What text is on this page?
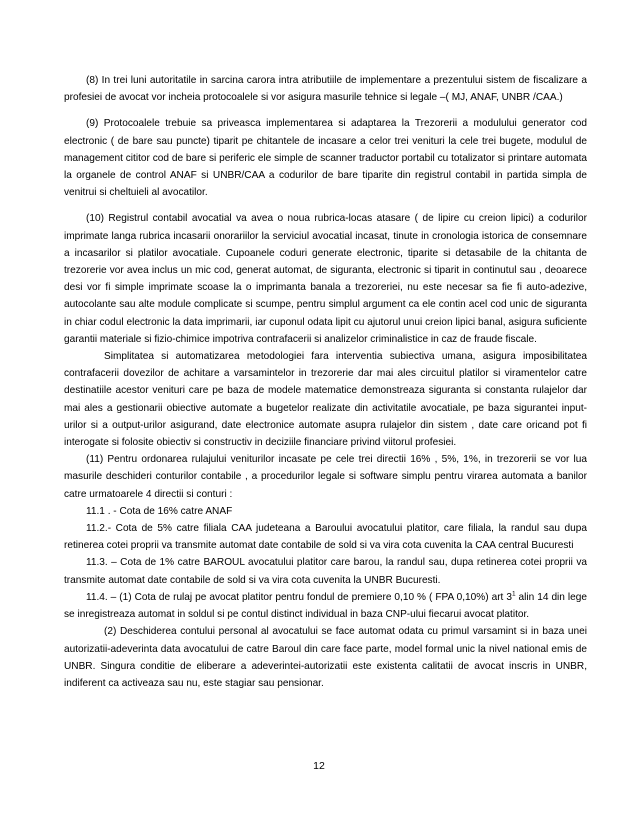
(8) In trei luni autoritatile in sarcina carora intra atributiile de implementare a prezentului sistem de fiscalizare a profesiei de avocat vor incheia protocoalele si vor asigura masurile tehnice si legale –( MJ, ANAF, UNBR /CAA.)

(9) Protocoalele trebuie sa priveasca implementarea si adaptarea la Trezorerii a modulului generator cod electronic ( de bare sau puncte) tiparit pe chitantele de incasare a celor trei venituri la cele trei bugete, modulul de management cititor cod de bare si periferic ele simple de scanner traductor portabil cu totalizator si printare automata la organele de control ANAF si UNBR/CAA a codurilor de bare tiparite din registrul contabil in partida simpla de venitrui si cheltuieli al avocatilor.

(10) Registrul contabil avocatial va avea o noua rubrica-locas atasare ( de lipire cu creion lipici) a codurilor imprimate langa rubrica incasarii onorariilor la serviciul avocatial incasat, tinute in cronologia istorica de consemnare a incasarilor si platilor avocatiale. Cupoanele coduri generate electronic, tiparite si detasabile de la chitanta de trezorerie vor avea inclus un mic cod, generat automat, de siguranta, electronic si tiparit in continutul sau , deoarece desi vor fi simple imprimate scoase la o imprimanta banala a trezoreriei, nu este necesar sa fie fi auto-adezive, autocolante sau alte module complicate si scumpe, pentru simplul argument ca ele contin acel cod unic de siguranta in chiar codul electronic la data imprimarii, iar cuponul odata lipit cu ajutorul unui creion lipici banal, asigura suficiente garantii materiale si fizio-chimice impotriva contrafacerii si analizelor criminalistice in caz de fraude fiscale.

Simplitatea si automatizarea metodologiei fara interventia subiectiva umana, asigura imposibilitatea contrafacerii dovezilor de achitare a varsamintelor in trezorerie dar mai ales circuitul platilor si viramentelor catre destinatiile acestor venituri care pe baza de modele matematice demonstreaza siguranta si constanta rulajelor dar mai ales a gestionarii obiective automate a bugetelor realizate din activitatile avocatiale, pe baza sigurantei input-urilor si a output-urilor asigurand, date electronice automate asupra rulajelor din sistem , date care oricand pot fi interogate si folosite obiectiv si constructiv in deciziile financiare privind viitorul profesiei.

(11) Pentru ordonarea rulajului veniturilor incasate pe cele trei directii 16% , 5%, 1%, in trezorerii se vor lua masurile deschideri conturilor contabile , a procedurilor legale si software simplu pentru virarea automata a banilor catre urmatoarele 4 directii si conturi :

11.1 . - Cota de 16% catre ANAF

11.2.- Cota de 5% catre filiala CAA judeteana a Baroului avocatului platitor, care filiala, la randul sau dupa retinerea cotei proprii va transmite automat date contabile de sold si va vira cota cuvenita la CAA central Bucuresti

11.3. – Cota de 1% catre BAROUL avocatului platitor care barou, la randul sau, dupa retinerea cotei proprii va transmite automat date contabile de sold si va vira cota cuvenita la UNBR Bucuresti.

11.4. – (1) Cota de rulaj pe avocat platitor pentru fondul de premiere 0,10 % ( FPA 0,10%) art $3^1$ alin 14 din lege se inregistreaza automat in soldul si pe contul distinct individual in baza CNP-ului fiecarui avocat platitor.

(2) Deschiderea contului personal al avocatului se face automat odata cu primul varsamint si in baza unei autorizatii-adeverinta data avocatului de catre Baroul din care face parte, model formal unic la nivel national emis de UNBR. Singura conditie de eliberare a adeverintei-autorizatii este existenta calitatii de avocat inscris in UNBR, indiferent ca activeaza sau nu, este stagiar sau pensionar.

12
